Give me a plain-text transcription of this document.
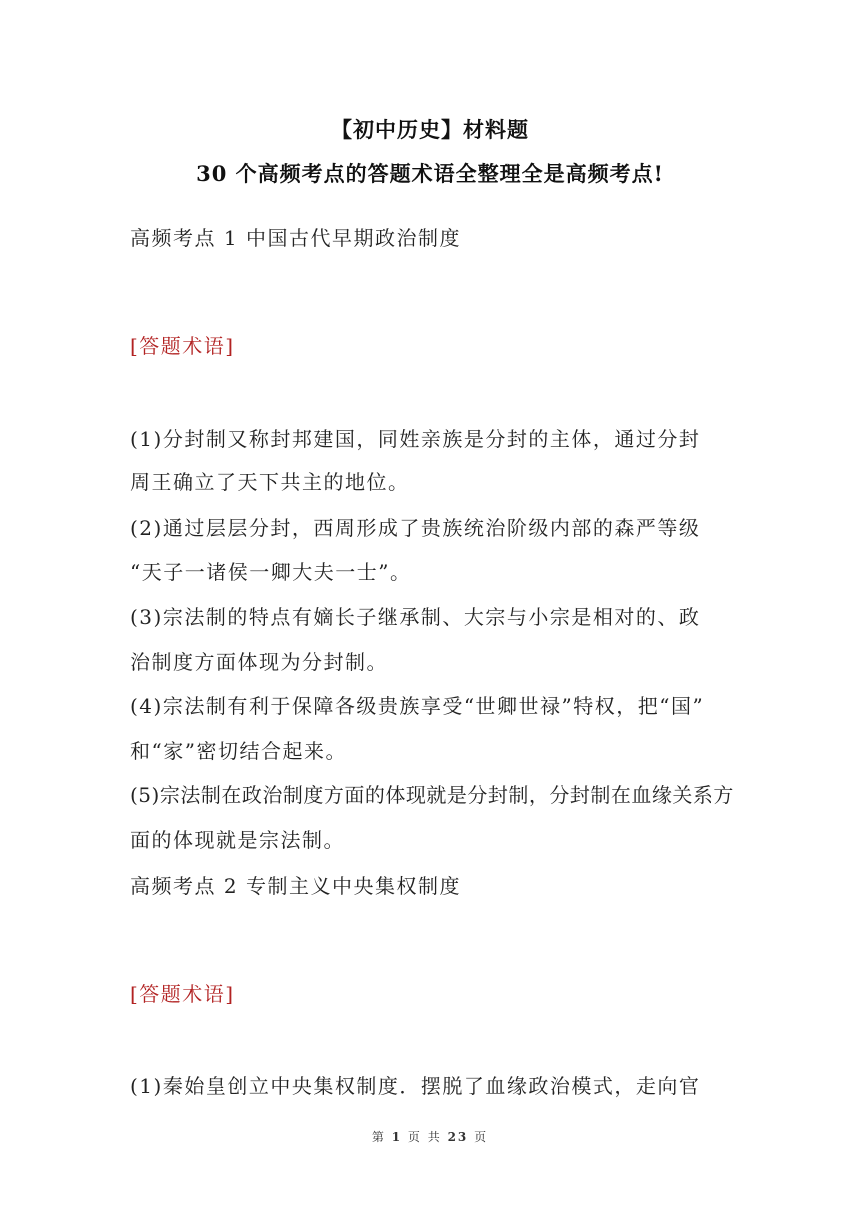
【初中历史】材料题
30 个高频考点的答题术语全整理全是高频考点!
高频考点 1 中国古代早期政治制度
[答题术语]
(1)分封制又称封邦建国，同姓亲族是分封的主体，通过分封
周王确立了天下共主的地位。
(2)通过层层分封，西周形成了贵族统治阶级内部的森严等级
“天子一诸侯一卿大夫一士”。
(3)宗法制的特点有嫡长子继承制、大宗与小宗是相对的、政
治制度方面体现为分封制。
(4)宗法制有利于保障各级贵族享受“世卿世禄”特权，把“国”
和“家”密切结合起来。
(5)宗法制在政治制度方面的体现就是分封制，分封制在血缘关系方
面的体现就是宗法制。
高频考点 2 专制主义中央集权制度
[答题术语]
(1)秦始皇创立中央集权制度．摆脱了血缘政治模式，走向官
第 1 页 共 23 页
